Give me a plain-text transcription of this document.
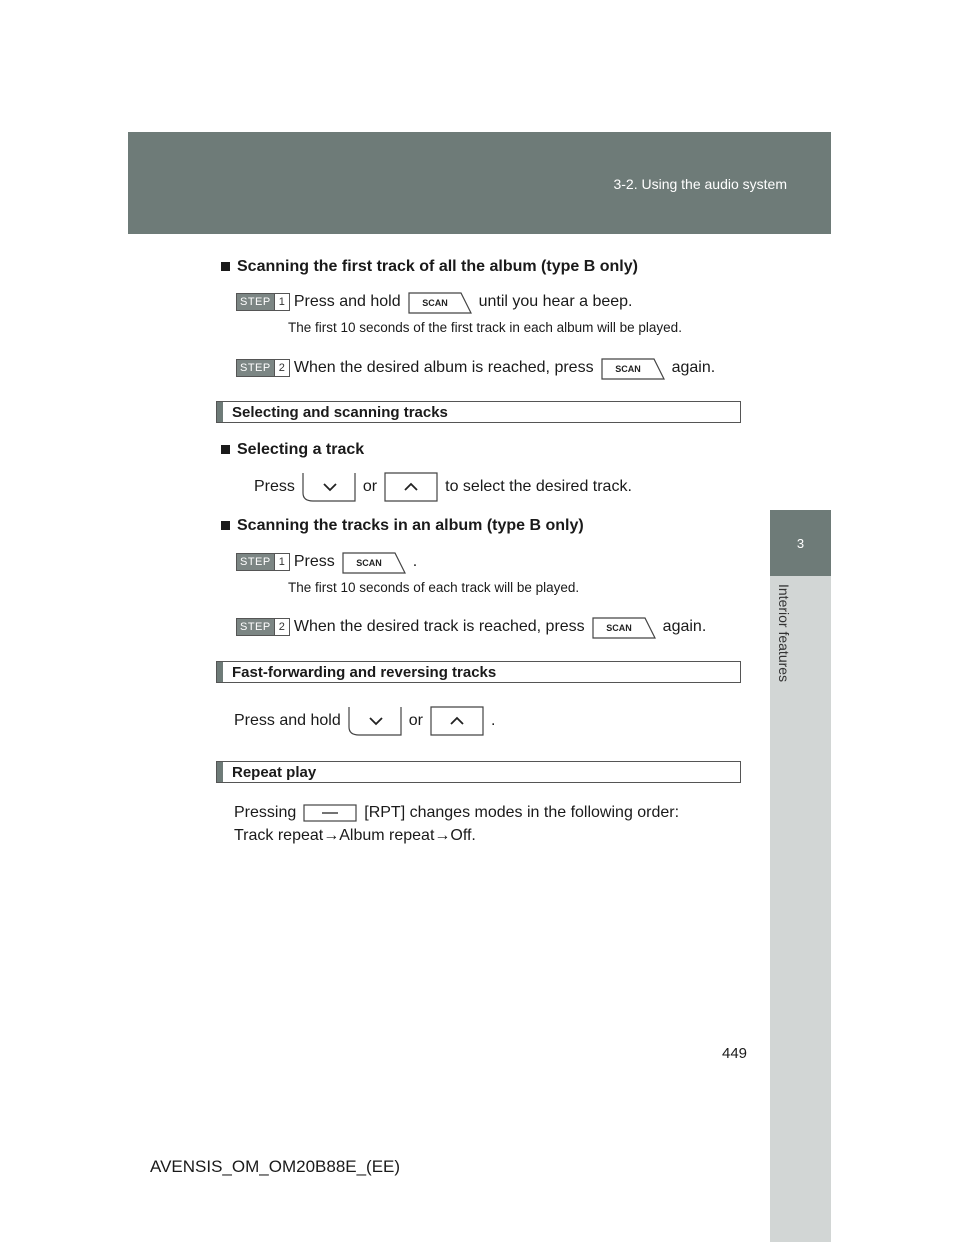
3-2. Using the audio system
3
Interior features
Scanning the first track of all the album (type B only)
STEP 1 Press and hold SCAN until you hear a beep.
The first 10 seconds of the first track in each album will be played.
STEP 2 When the desired album is reached, press SCAN again.
Selecting and scanning tracks
Selecting a track
Press	or	to select the desired track.
Scanning the tracks in an album (type B only)
STEP 1 Press SCAN .
The first 10 seconds of each track will be played.
STEP 2 When the desired track is reached, press SCAN again.
Fast-forwarding and reversing tracks
Press and hold	or	.
Repeat play
Pressing	[RPT] changes modes in the following order:
Track repeat→Album repeat→Off.
449
AVENSIS_OM_OM20B88E_(EE)
